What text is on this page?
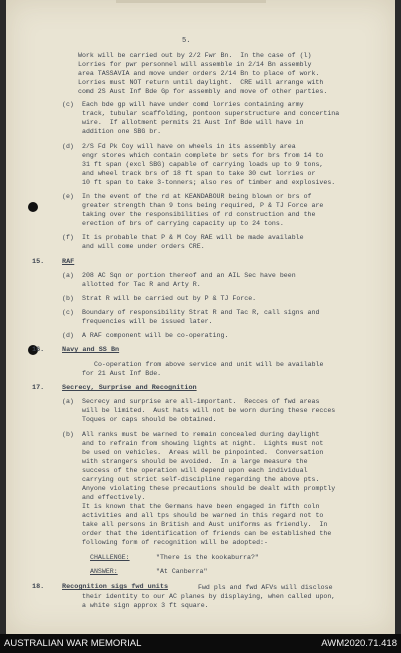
5.
Work will be carried out by 2/2 Fwr Bn.  In the case of (l)
Lorries for pwr personnel will assemble in 2/14 Bn assembly
area TASSAVIA and move under orders 2/14 Bn to place of work.
Lorries must NOT return until daylight.  CRE will arrange with
comd 2S Aust Inf Bde Gp for assembly and move of other parties.
(c) Each bde gp will have under comd lorries containing army
track, tubular scaffolding, pontoon superstructure and concertina
wire.  If allotment permits 21 Aust Inf Bde will have in
addition one SBG br.
(d) 2/S Fd Pk Coy will have on wheels in its assembly area
engr stores which contain complete br sets for brs from 14 to
31 ft span (excl SBG) capable of carrying loads up to 9 tons,
and wheel track brs of 18 ft span to take 30 cwt lorries or
10 ft span to take 3-tonners; also res of timber and explosives.
(e) In the event of the rd at KEANDABOUR being blown or brs of
greater strength than 9 tons being required, P & TJ Force are
taking over the responsibilities of rd construction and the
erection of brs of carrying capacity up to 24 tons.
(f) It is probable that P & M Coy RAE will be made available
and will come under orders CRE.
15.	RAF
(a) 208 AC Sqn or portion thereof and an AIL Sec have been
allotted for Tac R and Arty R.
(b) Strat R will be carried out by P & TJ Force.
(c) Boundary of responsibility Strat R and Tac R, call signs and
frequencies will be issued later.
(d) A RAF component will be co-operating.
16.	Navy and SS Bn
Co-operation from above service and unit will be available
for 21 Aust Inf Bde.
17.	Secrecy, Surprise and Recognition
(a) Secrecy and surprise are all-important.  Recces of fwd areas
will be limited.  Aust hats will not be worn during these recces
Toques or caps should be obtained.
(b) All ranks must be warned to remain concealed during daylight
and to refrain from showing lights at night.  Lights must not
be used on vehicles.  Areas will be pinpointed.  Conversation
with strangers should be avoided.  In a large measure the
success of the operation will depend upon each individual
carrying out strict self-discipline regarding the above pts.
Anyone violating these precautions should be dealt with promptly
and effectively.
It is known that the Germans have been engaged in fifth coln
activities and all tps should be warned in this regard not to
take all persons in British and Aust uniforms as friendly.  In
order that the identification of friends can be established the
following form of recognition will be adopted:-
CHALLENGE:	"There is the kookaburra?"
ANSWER:	"At Canberra"
18.	Recognition sigs fwd units	Fwd pls and fwd AFVs will disclose
their identity to our AC planes by displaying, when called upon,
a white sign approx 3 ft square.
AUSTRALIAN WAR MEMORIAL	AWM2020.71.418
